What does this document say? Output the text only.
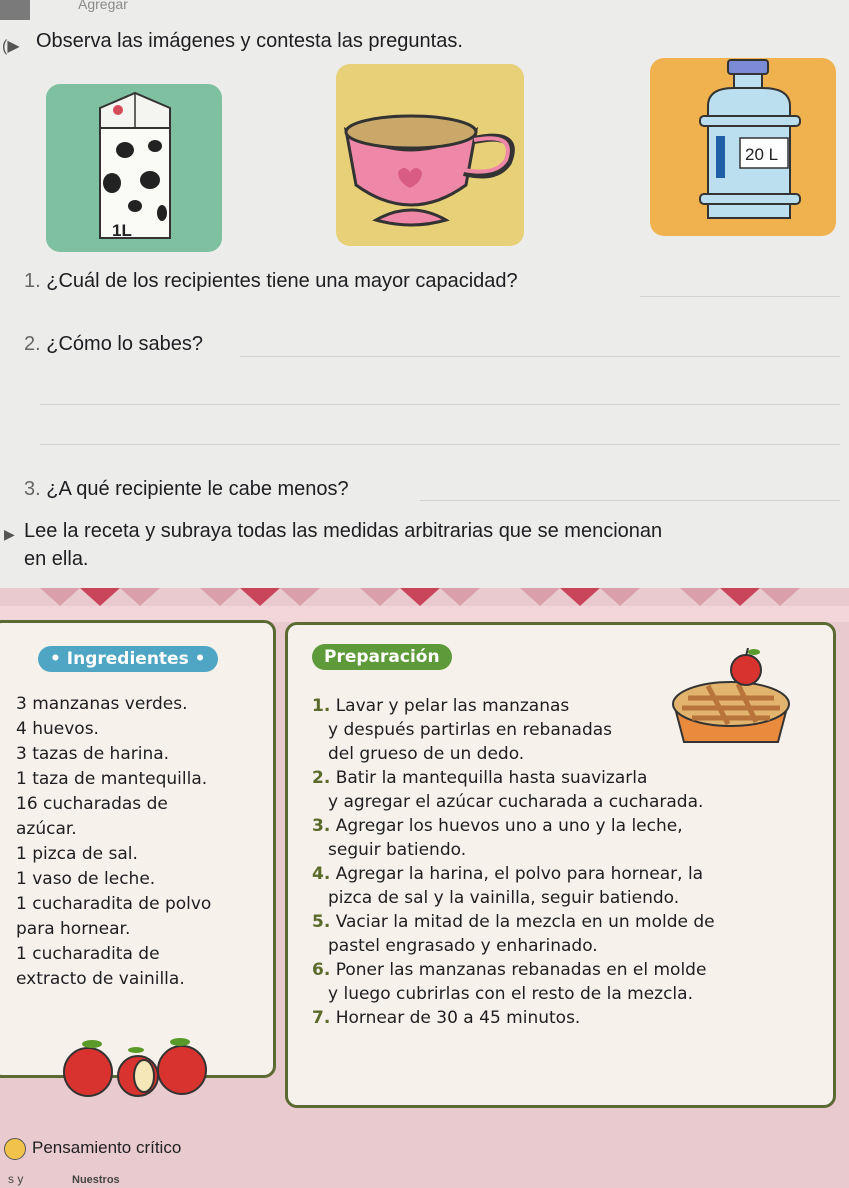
Agregar
(▶ Observa las imágenes y contesta las preguntas.
1L
20 L
1. ¿Cuál de los recipientes tiene una mayor capacidad?
2. ¿Cómo lo sabes?
3. ¿A qué recipiente le cabe menos?
▶ Lee la receta y subraya todas las medidas arbitrarias que se mencionan
en ella.
• Ingredientes •	Preparación
3 manzanas verdes.
4 huevos.
3 tazas de harina.
1 taza de mantequilla.
16 cucharadas de
azúcar.
1 pizca de sal.
1 vaso de leche.
1 cucharadita de polvo
para hornear.
1 cucharadita de
extracto de vainilla.
1. Lavar y pelar las manzanas
y después partirlas en rebanadas
del grueso de un dedo.
2. Batir la mantequilla hasta suavizarla
y agregar el azúcar cucharada a cucharada.
3. Agregar los huevos uno a uno y la leche,
seguir batiendo.
4. Agregar la harina, el polvo para hornear, la
pizca de sal y la vainilla, seguir batiendo.
5. Vaciar la mitad de la mezcla en un molde de
pastel engrasado y enharinado.
6. Poner las manzanas rebanadas en el molde
y luego cubrirlas con el resto de la mezcla.
7. Hornear de 30 a 45 minutos.
Pensamiento crítico
s y	Nuestros
